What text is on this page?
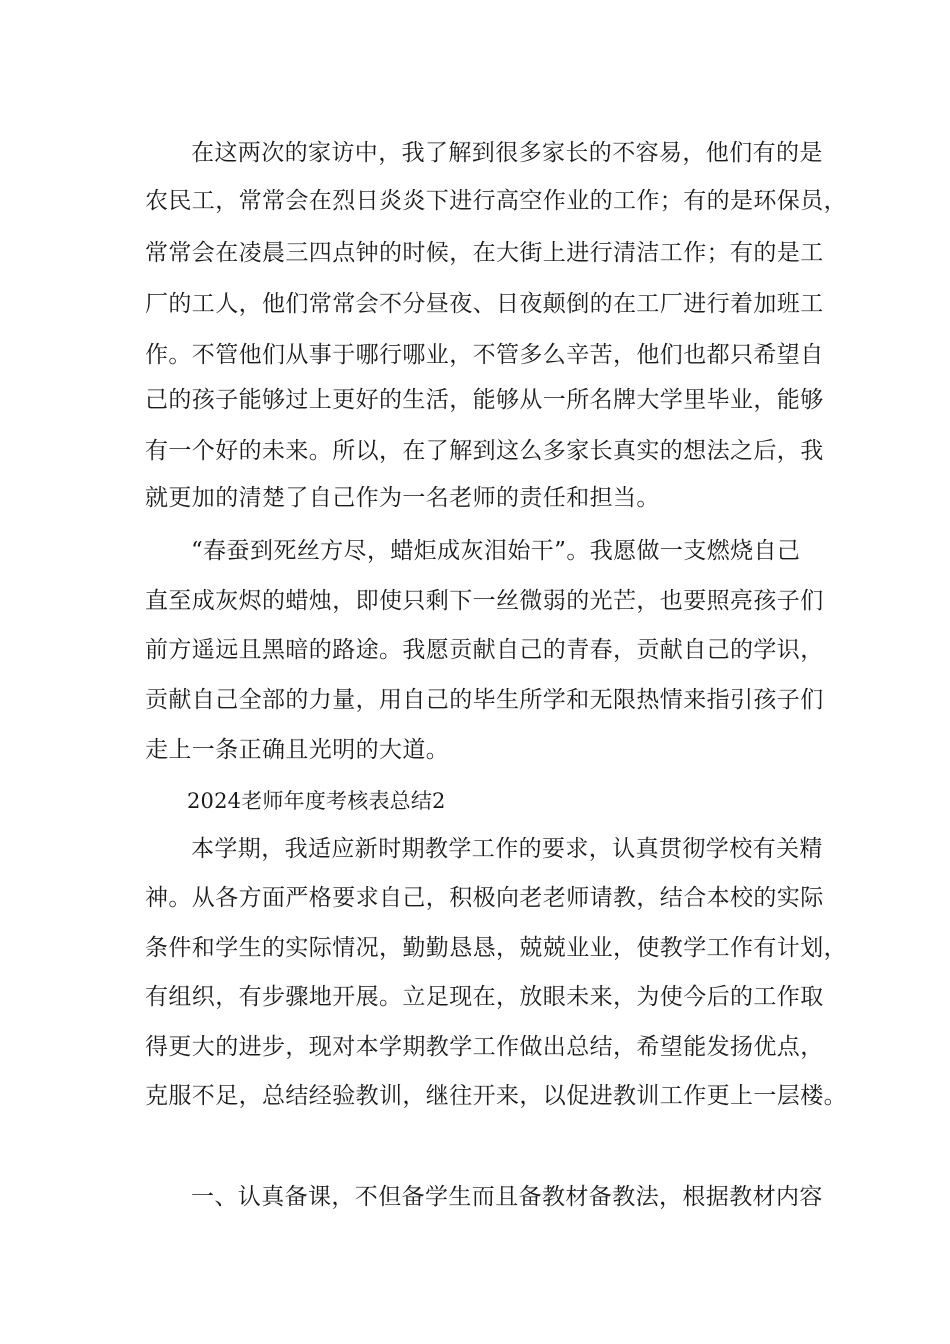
在这两次的家访中，我了解到很多家长的不容易，他们有的是
农民工，常常会在烈日炎炎下进行高空作业的工作；有的是环保员，
常常会在凌晨三四点钟的时候，在大街上进行清洁工作；有的是工
厂的工人，他们常常会不分昼夜、日夜颠倒的在工厂进行着加班工
作。不管他们从事于哪行哪业，不管多么辛苦，他们也都只希望自
己的孩子能够过上更好的生活，能够从一所名牌大学里毕业，能够
有一个好的未来。所以，在了解到这么多家长真实的想法之后，我
就更加的清楚了自己作为一名老师的责任和担当。
“春蚕到死丝方尽，蜡炬成灰泪始干”。我愿做一支燃烧自己
直至成灰烬的蜡烛，即使只剩下一丝微弱的光芒，也要照亮孩子们
前方遥远且黑暗的路途。我愿贡献自己的青春，贡献自己的学识，
贡献自己全部的力量，用自己的毕生所学和无限热情来指引孩子们
走上一条正确且光明的大道。
2024老师年度考核表总结2
本学期，我适应新时期教学工作的要求，认真贯彻学校有关精
神。从各方面严格要求自己，积极向老老师请教，结合本校的实际
条件和学生的实际情况，勤勤恳恳，兢兢业业，使教学工作有计划，
有组织，有步骤地开展。立足现在，放眼未来，为使今后的工作取
得更大的进步，现对本学期教学工作做出总结，希望能发扬优点，
克服不足，总结经验教训，继往开来，以促进教训工作更上一层楼。
一、认真备课，不但备学生而且备教材备教法，根据教材内容
